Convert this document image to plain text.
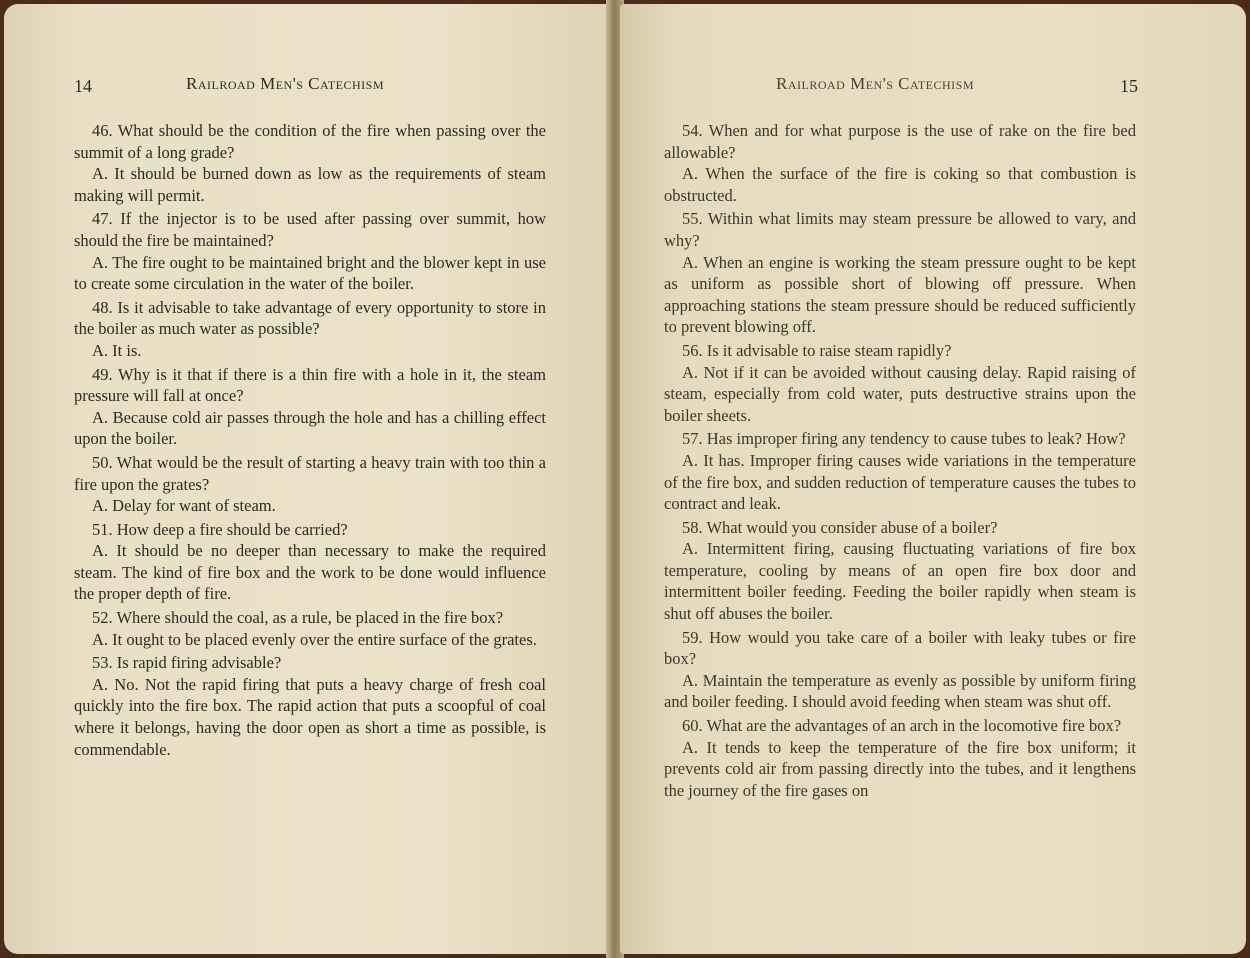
14	Railroad Men's Catechism

46. What should be the condition of the fire when passing over the summit of a long grade?

A. It should be burned down as low as the requirements of steam making will permit.

47. If the injector is to be used after passing over summit, how should the fire be maintained?

A. The fire ought to be maintained bright and the blower kept in use to create some circulation in the water of the boiler.

48. Is it advisable to take advantage of every opportunity to store in the boiler as much water as possible?

A. It is.

49. Why is it that if there is a thin fire with a hole in it, the steam pressure will fall at once?

A. Because cold air passes through the hole and has a chilling effect upon the boiler.

50. What would be the result of starting a heavy train with too thin a fire upon the grates?

A. Delay for want of steam.

51. How deep a fire should be carried?

A. It should be no deeper than necessary to make the required steam. The kind of fire box and the work to be done would influence the proper depth of fire.

52. Where should the coal, as a rule, be placed in the fire box?

A. It ought to be placed evenly over the entire surface of the grates.

53. Is rapid firing advisable?

A. No. Not the rapid firing that puts a heavy charge of fresh coal quickly into the fire box. The rapid action that puts a scoopful of coal where it belongs, having the door open as short a time as possible, is commendable.

Railroad Men's Catechism	15

54. When and for what purpose is the use of rake on the fire bed allowable?

A. When the surface of the fire is coking so that combustion is obstructed.

55. Within what limits may steam pressure be allowed to vary, and why?

A. When an engine is working the steam pressure ought to be kept as uniform as possible short of blowing off pressure. When approaching stations the steam pressure should be reduced sufficiently to prevent blowing off.

56. Is it advisable to raise steam rapidly?

A. Not if it can be avoided without causing delay. Rapid raising of steam, especially from cold water, puts destructive strains upon the boiler sheets.

57. Has improper firing any tendency to cause tubes to leak? How?

A. It has. Improper firing causes wide variations in the temperature of the fire box, and sudden reduction of temperature causes the tubes to contract and leak.

58. What would you consider abuse of a boiler?

A. Intermittent firing, causing fluctuating variations of fire box temperature, cooling by means of an open fire box door and intermittent boiler feeding. Feeding the boiler rapidly when steam is shut off abuses the boiler.

59. How would you take care of a boiler with leaky tubes or fire box?

A. Maintain the temperature as evenly as possible by uniform firing and boiler feeding. I should avoid feeding when steam was shut off.

60. What are the advantages of an arch in the locomotive fire box?

A. It tends to keep the temperature of the fire box uniform; it prevents cold air from passing directly into the tubes, and it lengthens the journey of the fire gases on
